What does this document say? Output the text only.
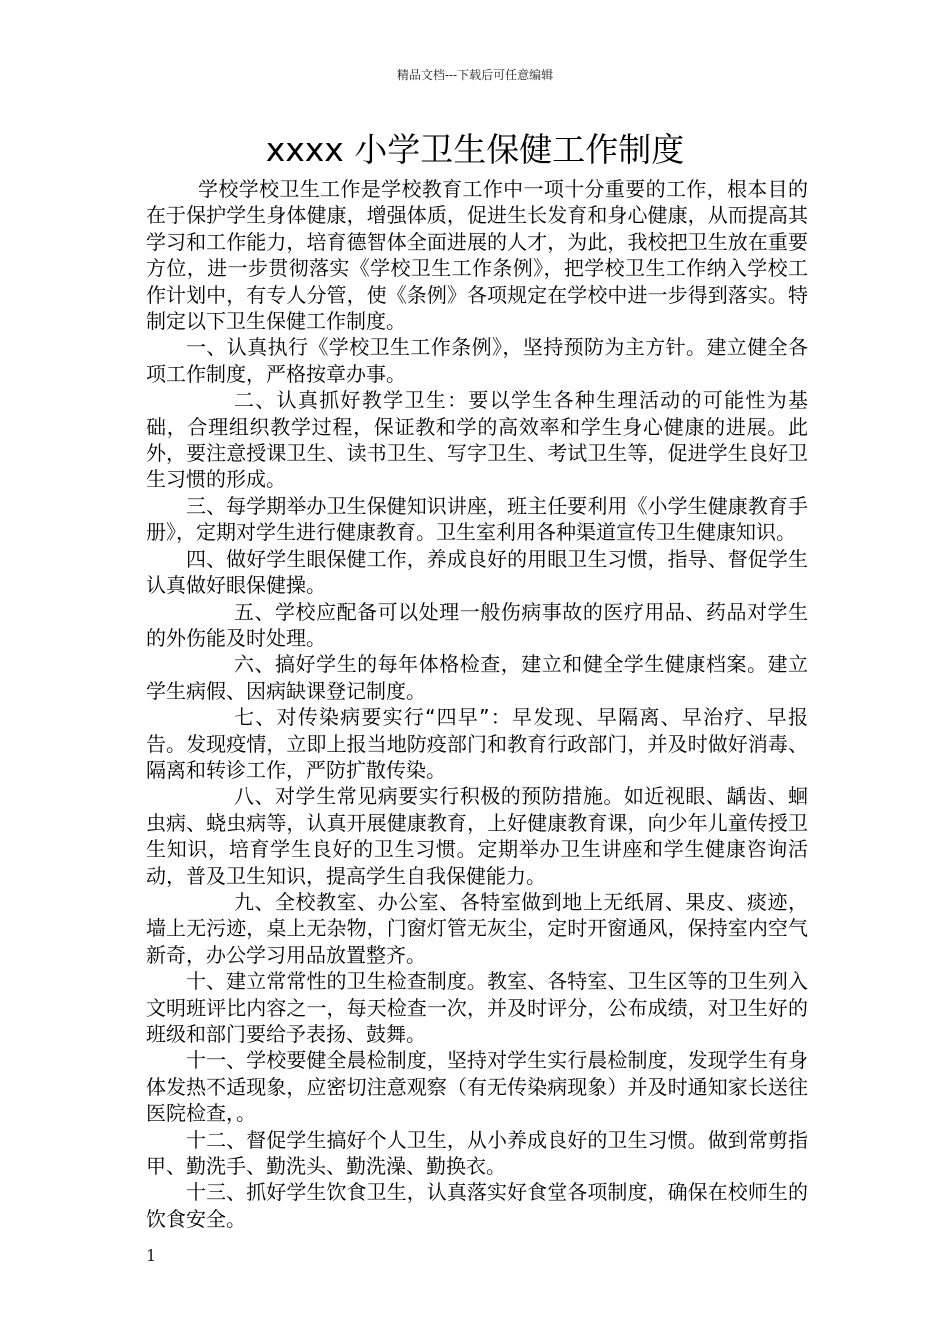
精品文档---下载后可任意编辑
xxxx 小学卫生保健工作制度

学校学校卫生工作是学校教育工作中一项十分重要的工作，根本目的在于保护学生身体健康，增强体质，促进生长发育和身心健康，从而提高其学习和工作能力，培育德智体全面进展的人才，为此，我校把卫生放在重要方位，进一步贯彻落实《学校卫生工作条例》，把学校卫生工作纳入学校工作计划中，有专人分管，使《条例》各项规定在学校中进一步得到落实。特制定以下卫生保健工作制度。

一、认真执行《学校卫生工作条例》，坚持预防为主方针。建立健全各项工作制度，严格按章办事。

二、认真抓好教学卫生：要以学生各种生理活动的可能性为基础，合理组织教学过程，保证教和学的高效率和学生身心健康的进展。此外，要注意授课卫生、读书卫生、写字卫生、考试卫生等，促进学生良好卫生习惯的形成。

三、每学期举办卫生保健知识讲座，班主任要利用《小学生健康教育手册》，定期对学生进行健康教育。卫生室利用各种渠道宣传卫生健康知识。

四、做好学生眼保健工作，养成良好的用眼卫生习惯，指导、督促学生认真做好眼保健操。

五、学校应配备可以处理一般伤病事故的医疗用品、药品对学生的外伤能及时处理。

六、搞好学生的每年体格检查，建立和健全学生健康档案。建立学生病假、因病缺课登记制度。

七、对传染病要实行“四早”：早发现、早隔离、早治疗、早报告。发现疫情，立即上报当地防疫部门和教育行政部门，并及时做好消毒、隔离和转诊工作，严防扩散传染。

八、对学生常见病要实行积极的预防措施。如近视眼、龋齿、蛔虫病、蛲虫病等，认真开展健康教育，上好健康教育课，向少年儿童传授卫生知识，培育学生良好的卫生习惯。定期举办卫生讲座和学生健康咨询活动，普及卫生知识，提高学生自我保健能力。

九、全校教室、办公室、各特室做到地上无纸屑、果皮、痰迹，墙上无污迹，桌上无杂物，门窗灯管无灰尘，定时开窗通风，保持室内空气新奇，办公学习用品放置整齐。

十、建立常常性的卫生检查制度。教室、各特室、卫生区等的卫生列入文明班评比内容之一，每天检查一次，并及时评分，公布成绩，对卫生好的班级和部门要给予表扬、鼓舞。

十一、学校要健全晨检制度，坚持对学生实行晨检制度，发现学生有身体发热不适现象，应密切注意观察（有无传染病现象）并及时通知家长送往医院检查，。

十二、督促学生搞好个人卫生，从小养成良好的卫生习惯。做到常剪指甲、勤洗手、勤洗头、勤洗澡、勤换衣。

十三、抓好学生饮食卫生，认真落实好食堂各项制度，确保在校师生的饮食安全。

1
